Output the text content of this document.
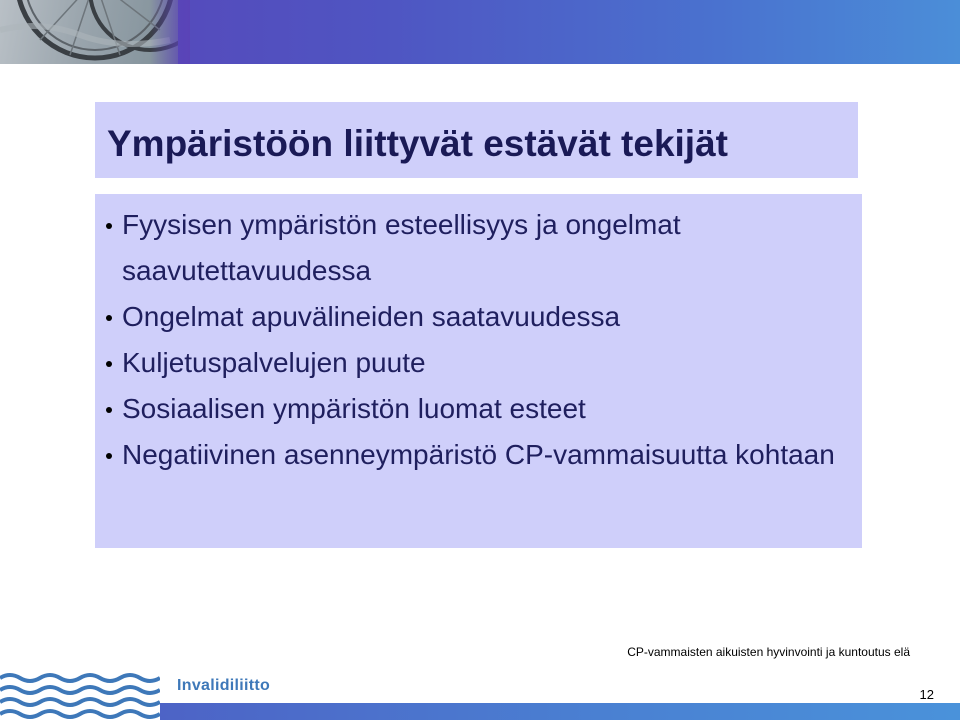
Ympäristöön liittyvät estävät tekijät
Fyysisen ympäristön esteellisyys ja ongelmat saavutettavuudessa
Ongelmat apuvälineiden saatavuudessa
Kuljetuspalvelujen puute
Sosiaalisen ympäristön luomat esteet
Negatiivinen asenneympäristö CP-vammaisuutta kohtaan
CP-vammaisten aikuisten hyvinvointi ja kuntoutus elä
Invalidiliitto
12
